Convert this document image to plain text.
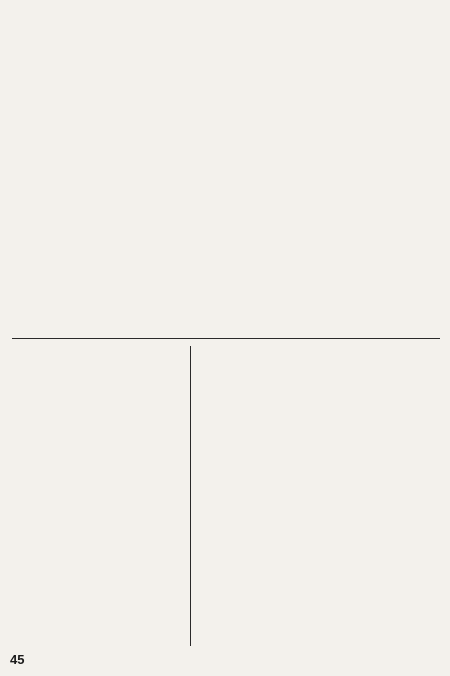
45
